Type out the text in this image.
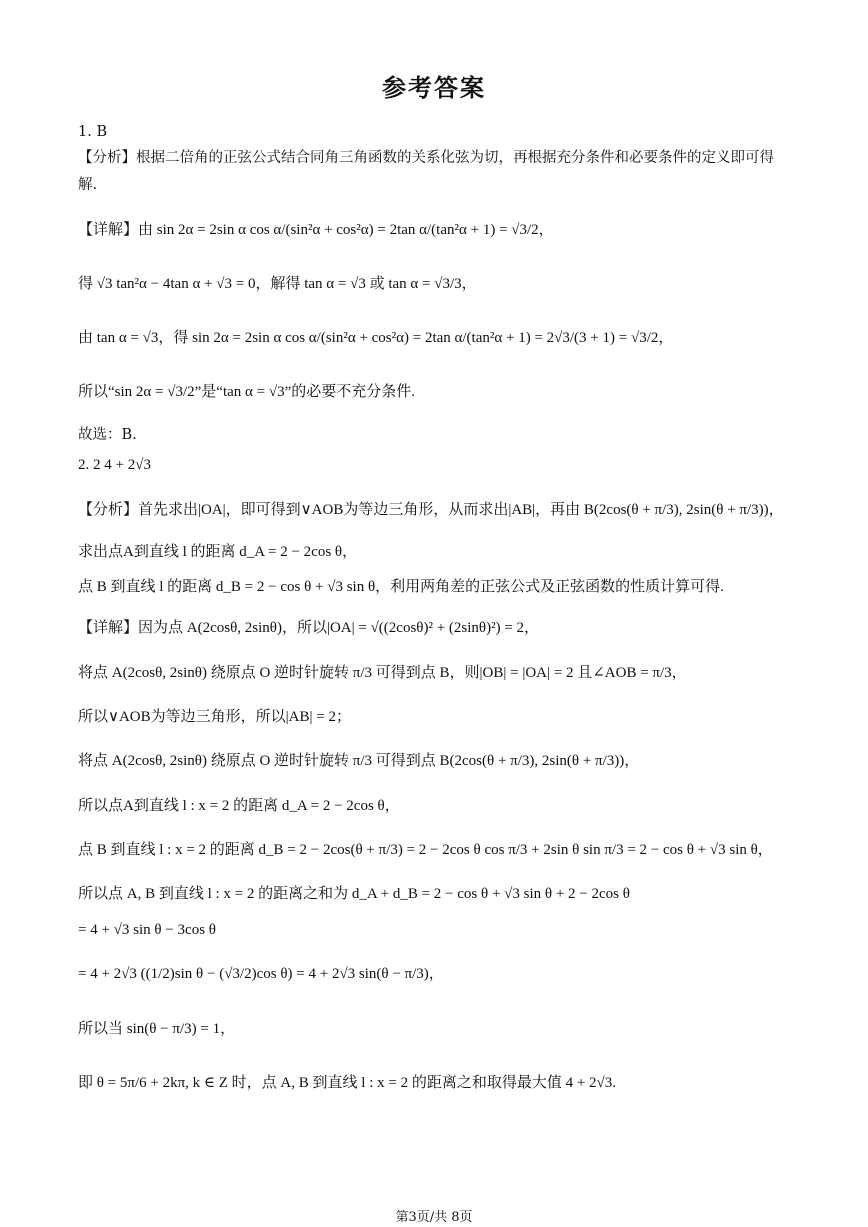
参考答案
1. B
【分析】根据二倍角的正弦公式结合同角三角函数的关系化弦为切，再根据充分条件和必要条件的定义即可得解.
【详解】由 sin 2α = 2sin α cos α/(sin²α + cos²α) = 2tan α/(tan²α + 1) = √3/2，
得 √3 tan²α − 4tan α + √3 = 0，解得 tan α = √3 或 tan α = √3/3，
由 tan α = √3，得 sin 2α = 2sin α cos α/(sin²α + cos²α) = 2tan α/(tan²α + 1) = 2√3/(3 + 1) = √3/2，
所以“sin 2α = √3/2”是“tan α = √3”的必要不充分条件.
故选：B.
2. 2 4 + 2√3
【分析】首先求出|OA|，即可得到∨AOB为等边三角形，从而求出|AB|，再由 B(2cos(θ + π/3), 2sin(θ + π/3))，
求出点A到直线 l 的距离 d_A = 2 − 2cos θ，
点 B 到直线 l 的距离 d_B = 2 − cos θ + √3 sin θ，利用两角差的正弦公式及正弦函数的性质计算可得.
【详解】因为点 A(2cosθ, 2sinθ)，所以|OA| = √((2cosθ)² + (2sinθ)²) = 2，
将点 A(2cosθ, 2sinθ) 绕原点 O 逆时针旋转 π/3 可得到点 B，则|OB| = |OA| = 2 且∠AOB = π/3，
所以∨AOB为等边三角形，所以|AB| = 2；
将点 A(2cosθ, 2sinθ) 绕原点 O 逆时针旋转 π/3 可得到点 B(2cos(θ + π/3), 2sin(θ + π/3))，
所以点A到直线 l : x = 2 的距离 d_A = 2 − 2cos θ，
点 B 到直线 l : x = 2 的距离 d_B = 2 − 2cos(θ + π/3) = 2 − 2cos θ cos π/3 + 2sin θ sin π/3 = 2 − cos θ + √3 sin θ，
所以点 A, B 到直线 l : x = 2 的距离之和为 d_A + d_B = 2 − cos θ + √3 sin θ + 2 − 2cos θ
= 4 + √3 sin θ − 3cos θ
= 4 + 2√3 ((1/2)sin θ − (√3/2)cos θ) = 4 + 2√3 sin(θ − π/3)，
所以当 sin(θ − π/3) = 1，
即 θ = 5π/6 + 2kπ, k ∈ Z 时，点 A, B 到直线 l : x = 2 的距离之和取得最大值 4 + 2√3.
第3页/共 8页
